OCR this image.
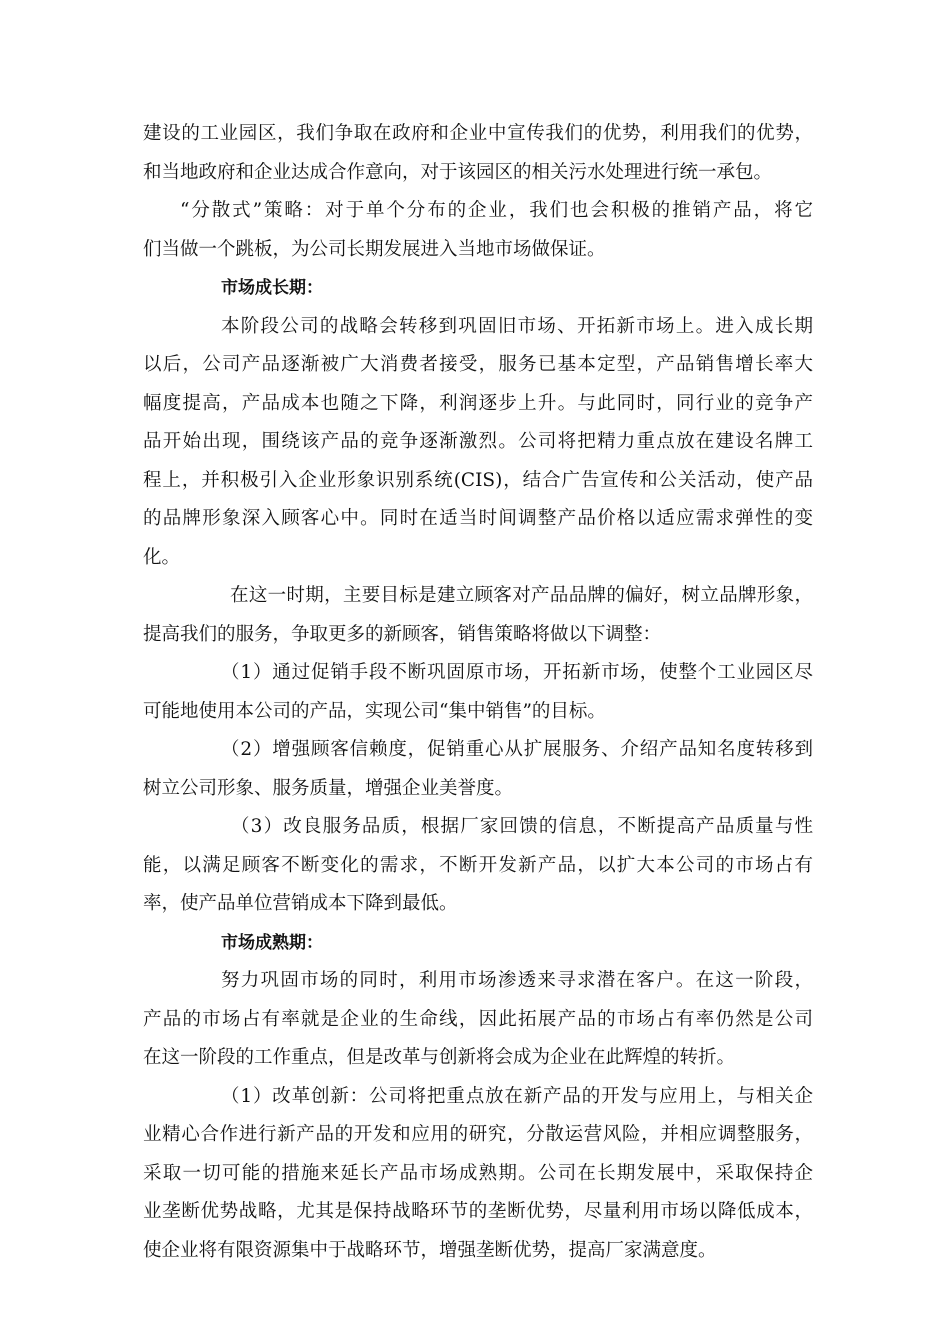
建设的工业园区，我们争取在政府和企业中宣传我们的优势，利用我们的优势，
和当地政府和企业达成合作意向，对于该园区的相关污水处理进行统一承包。
“分散式”策略：对于单个分布的企业，我们也会积极的推销产品，将它
们当做一个跳板，为公司长期发展进入当地市场做保证。
市场成长期：
本阶段公司的战略会转移到巩固旧市场、开拓新市场上。进入成长期
以后，公司产品逐渐被广大消费者接受，服务已基本定型，产品销售增长率大
幅度提高，产品成本也随之下降，利润逐步上升。与此同时，同行业的竞争产
品开始出现，围绕该产品的竞争逐渐激烈。公司将把精力重点放在建设名牌工
程上，并积极引入企业形象识别系统(CIS)，结合广告宣传和公关活动，使产品
的品牌形象深入顾客心中。同时在适当时间调整产品价格以适应需求弹性的变
化。
在这一时期，主要目标是建立顾客对产品品牌的偏好，树立品牌形象，
提高我们的服务，争取更多的新顾客，销售策略将做以下调整：
（1）通过促销手段不断巩固原市场，开拓新市场，使整个工业园区尽
可能地使用本公司的产品，实现公司“集中销售”的目标。
（2）增强顾客信赖度，促销重心从扩展服务、介绍产品知名度转移到
树立公司形象、服务质量，增强企业美誉度。
（3）改良服务品质，根据厂家回馈的信息，不断提高产品质量与性
能，以满足顾客不断变化的需求，不断开发新产品，以扩大本公司的市场占有
率，使产品单位营销成本下降到最低。
市场成熟期：
努力巩固市场的同时，利用市场渗透来寻求潜在客户。在这一阶段，
产品的市场占有率就是企业的生命线，因此拓展产品的市场占有率仍然是公司
在这一阶段的工作重点，但是改革与创新将会成为企业在此辉煌的转折。
（1）改革创新：公司将把重点放在新产品的开发与应用上，与相关企
业精心合作进行新产品的开发和应用的研究，分散运营风险，并相应调整服务，
采取一切可能的措施来延长产品市场成熟期。公司在长期发展中，采取保持企
业垄断优势战略，尤其是保持战略环节的垄断优势，尽量利用市场以降低成本，
使企业将有限资源集中于战略环节，增强垄断优势，提高厂家满意度。
